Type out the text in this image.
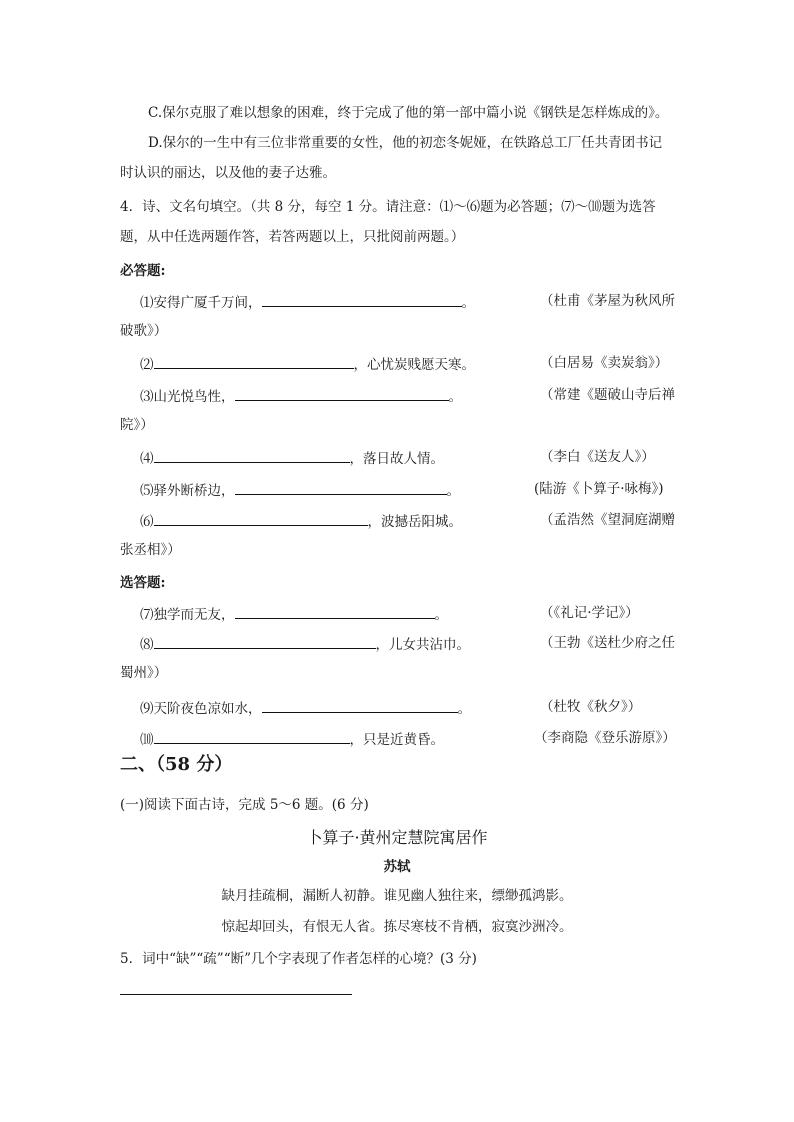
C.保尔克服了难以想象的困难，终于完成了他的第一部中篇小说《钢铁是怎样炼成的》。
D.保尔的一生中有三位非常重要的女性，他的初恋冬妮娅，在铁路总工厂任共青团书记
时认识的丽达，以及他的妻子达雅。
4．诗、文名句填空。（共 8 分，每空 1 分。请注意：⑴～⑹题为必答题；⑺～⑽题为选答
题，从中任选两题作答，若答两题以上，只批阅前两题。）
必答题:
⑴安得广厦千万间，	。	（杜甫《茅屋为秋风所
破歌》）
⑵	，心忧炭贱愿天寒。	（白居易《卖炭翁》）
⑶山光悦鸟性，	。	（常建《题破山寺后禅
院》）
⑷	，落日故人情。	（李白《送友人》）
⑸驿外断桥边，	。	(陆游《卜算子·咏梅》)
⑹	，波撼岳阳城。	（孟浩然《望洞庭湖赠
张丞相》）
选答题:
⑺独学而无友，	。	（《礼记·学记》）
⑻	，儿女共沾巾。	（王勃《送杜少府之任
蜀州》）
⑼天阶夜色凉如水，	。	（杜牧《秋夕》）
⑽	，只是近黄昏。	（李商隐《登乐游原》）
二、（58 分）
(一)阅读下面古诗，完成 5～6 题。(6 分)
卜算子·黄州定慧院寓居作
苏轼
缺月挂疏桐，漏断人初静。谁见幽人独往来，缥缈孤鸿影。
惊起却回头，有恨无人省。拣尽寒枝不肯栖，寂寞沙洲冷。
5．词中“缺”“疏”“断”几个字表现了作者怎样的心境？(3 分)
